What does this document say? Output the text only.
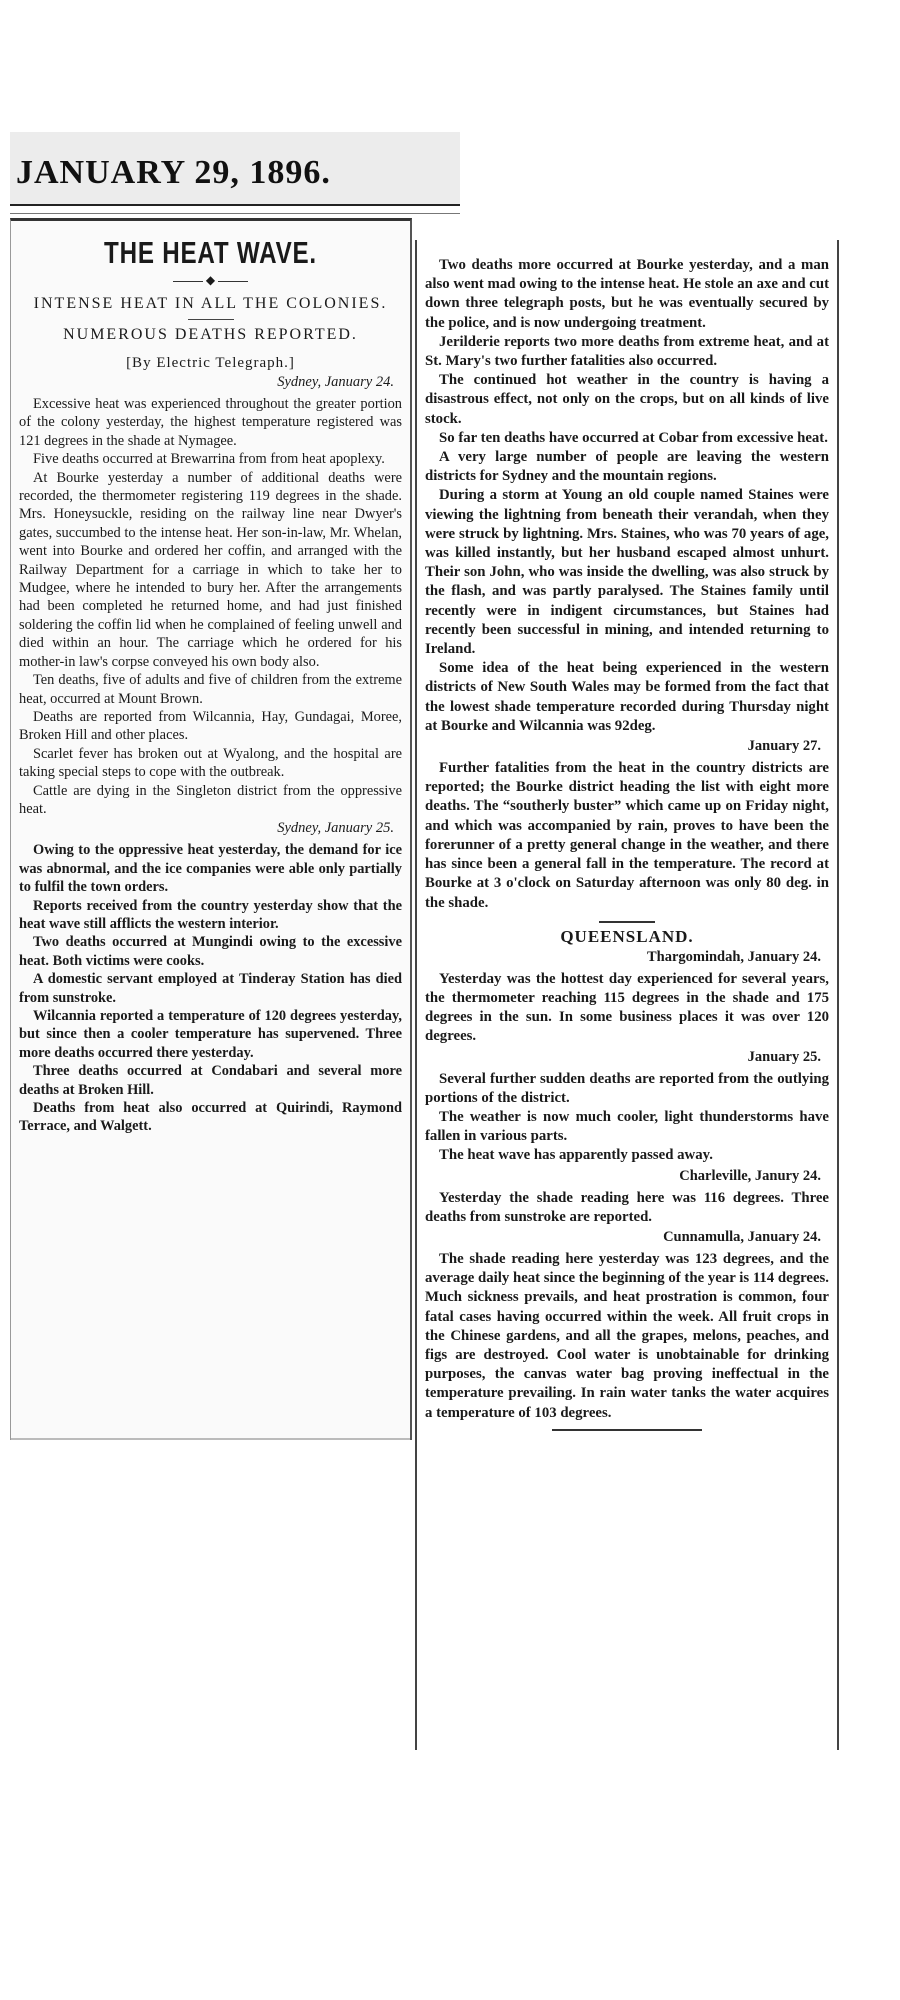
JANUARY 29, 1896.
THE HEAT WAVE.
◆
INTENSE HEAT IN ALL THE COLONIES.
NUMEROUS DEATHS REPORTED.
[By Electric Telegraph.]
Sydney, January 24.

Excessive heat was experienced throughout the greater portion of the colony yesterday, the highest temperature registered was 121 degrees in the shade at Nymagee.

Five deaths occurred at Brewarrina from from heat apoplexy.

At Bourke yesterday a number of additional deaths were recorded, the thermometer registering 119 degrees in the shade. Mrs. Honeysuckle, residing on the railway line near Dwyer's gates, succumbed to the intense heat. Her son-in-law, Mr. Whelan, went into Bourke and ordered her coffin, and arranged with the Railway Department for a carriage in which to take her to Mudgee, where he intended to bury her. After the arrangements had been completed he returned home, and had just finished soldering the coffin lid when he complained of feeling unwell and died within an hour. The carriage which he ordered for his mother-in law's corpse conveyed his own body also.

Ten deaths, five of adults and five of children from the extreme heat, occurred at Mount Brown.

Deaths are reported from Wilcannia, Hay, Gundagai, Moree, Broken Hill and other places.

Scarlet fever has broken out at Wyalong, and the hospital are taking special steps to cope with the outbreak.

Cattle are dying in the Singleton district from the oppressive heat.

Sydney, January 25.

Owing to the oppressive heat yesterday, the demand for ice was abnormal, and the ice companies were able only partially to fulfil the town orders.

Reports received from the country yesterday show that the heat wave still afflicts the western interior.

Two deaths occurred at Mungindi owing to the excessive heat. Both victims were cooks.

A domestic servant employed at Tinderay Station has died from sunstroke.

Wilcannia reported a temperature of 120 degrees yesterday, but since then a cooler temperature has supervened. Three more deaths occurred there yesterday.

Three deaths occurred at Condabari and several more deaths at Broken Hill.

Deaths from heat also occurred at Quirindi, Raymond Terrace, and Walgett.

Two deaths more occurred at Bourke yesterday, and a man also went mad owing to the intense heat. He stole an axe and cut down three telegraph posts, but he was eventually secured by the police, and is now undergoing treatment.

Jerilderie reports two more deaths from extreme heat, and at St. Mary's two further fatalities also occurred.

The continued hot weather in the country is having a disastrous effect, not only on the crops, but on all kinds of live stock.

So far ten deaths have occurred at Cobar from excessive heat.

A very large number of people are leaving the western districts for Sydney and the mountain regions.

During a storm at Young an old couple named Staines were viewing the lightning from beneath their verandah, when they were struck by lightning. Mrs. Staines, who was 70 years of age, was killed instantly, but her husband escaped almost unhurt. Their son John, who was inside the dwelling, was also struck by the flash, and was partly paralysed. The Staines family until recently were in indigent circumstances, but Staines had recently been successful in mining, and intended returning to Ireland.

Some idea of the heat being experienced in the western districts of New South Wales may be formed from the fact that the lowest shade temperature recorded during Thursday night at Bourke and Wilcannia was 92deg.

January 27.

Further fatalities from the heat in the country districts are reported; the Bourke district heading the list with eight more deaths. The “southerly buster” which came up on Friday night, and which was accompanied by rain, proves to have been the forerunner of a pretty general change in the weather, and there has since been a general fall in the temperature. The record at Bourke at 3 o'clock on Saturday afternoon was only 80 deg. in the shade.

QUEENSLAND.
Thargomindah, January 24.

Yesterday was the hottest day experienced for several years, the thermometer reaching 115 degrees in the shade and 175 degrees in the sun. In some business places it was over 120 degrees.

January 25.

Several further sudden deaths are reported from the outlying portions of the district.

The weather is now much cooler, light thunderstorms have fallen in various parts.

The heat wave has apparently passed away.

Charleville, Janury 24.

Yesterday the shade reading here was 116 degrees. Three deaths from sunstroke are reported.

Cunnamulla, January 24.

The shade reading here yesterday was 123 degrees, and the average daily heat since the beginning of the year is 114 degrees. Much sickness prevails, and heat prostration is common, four fatal cases having occurred within the week. All fruit crops in the Chinese gardens, and all the grapes, melons, peaches, and figs are destroyed. Cool water is unobtainable for drinking purposes, the canvas water bag proving ineffectual in the temperature prevailing. In rain water tanks the water acquires a temperature of 103 degrees.
